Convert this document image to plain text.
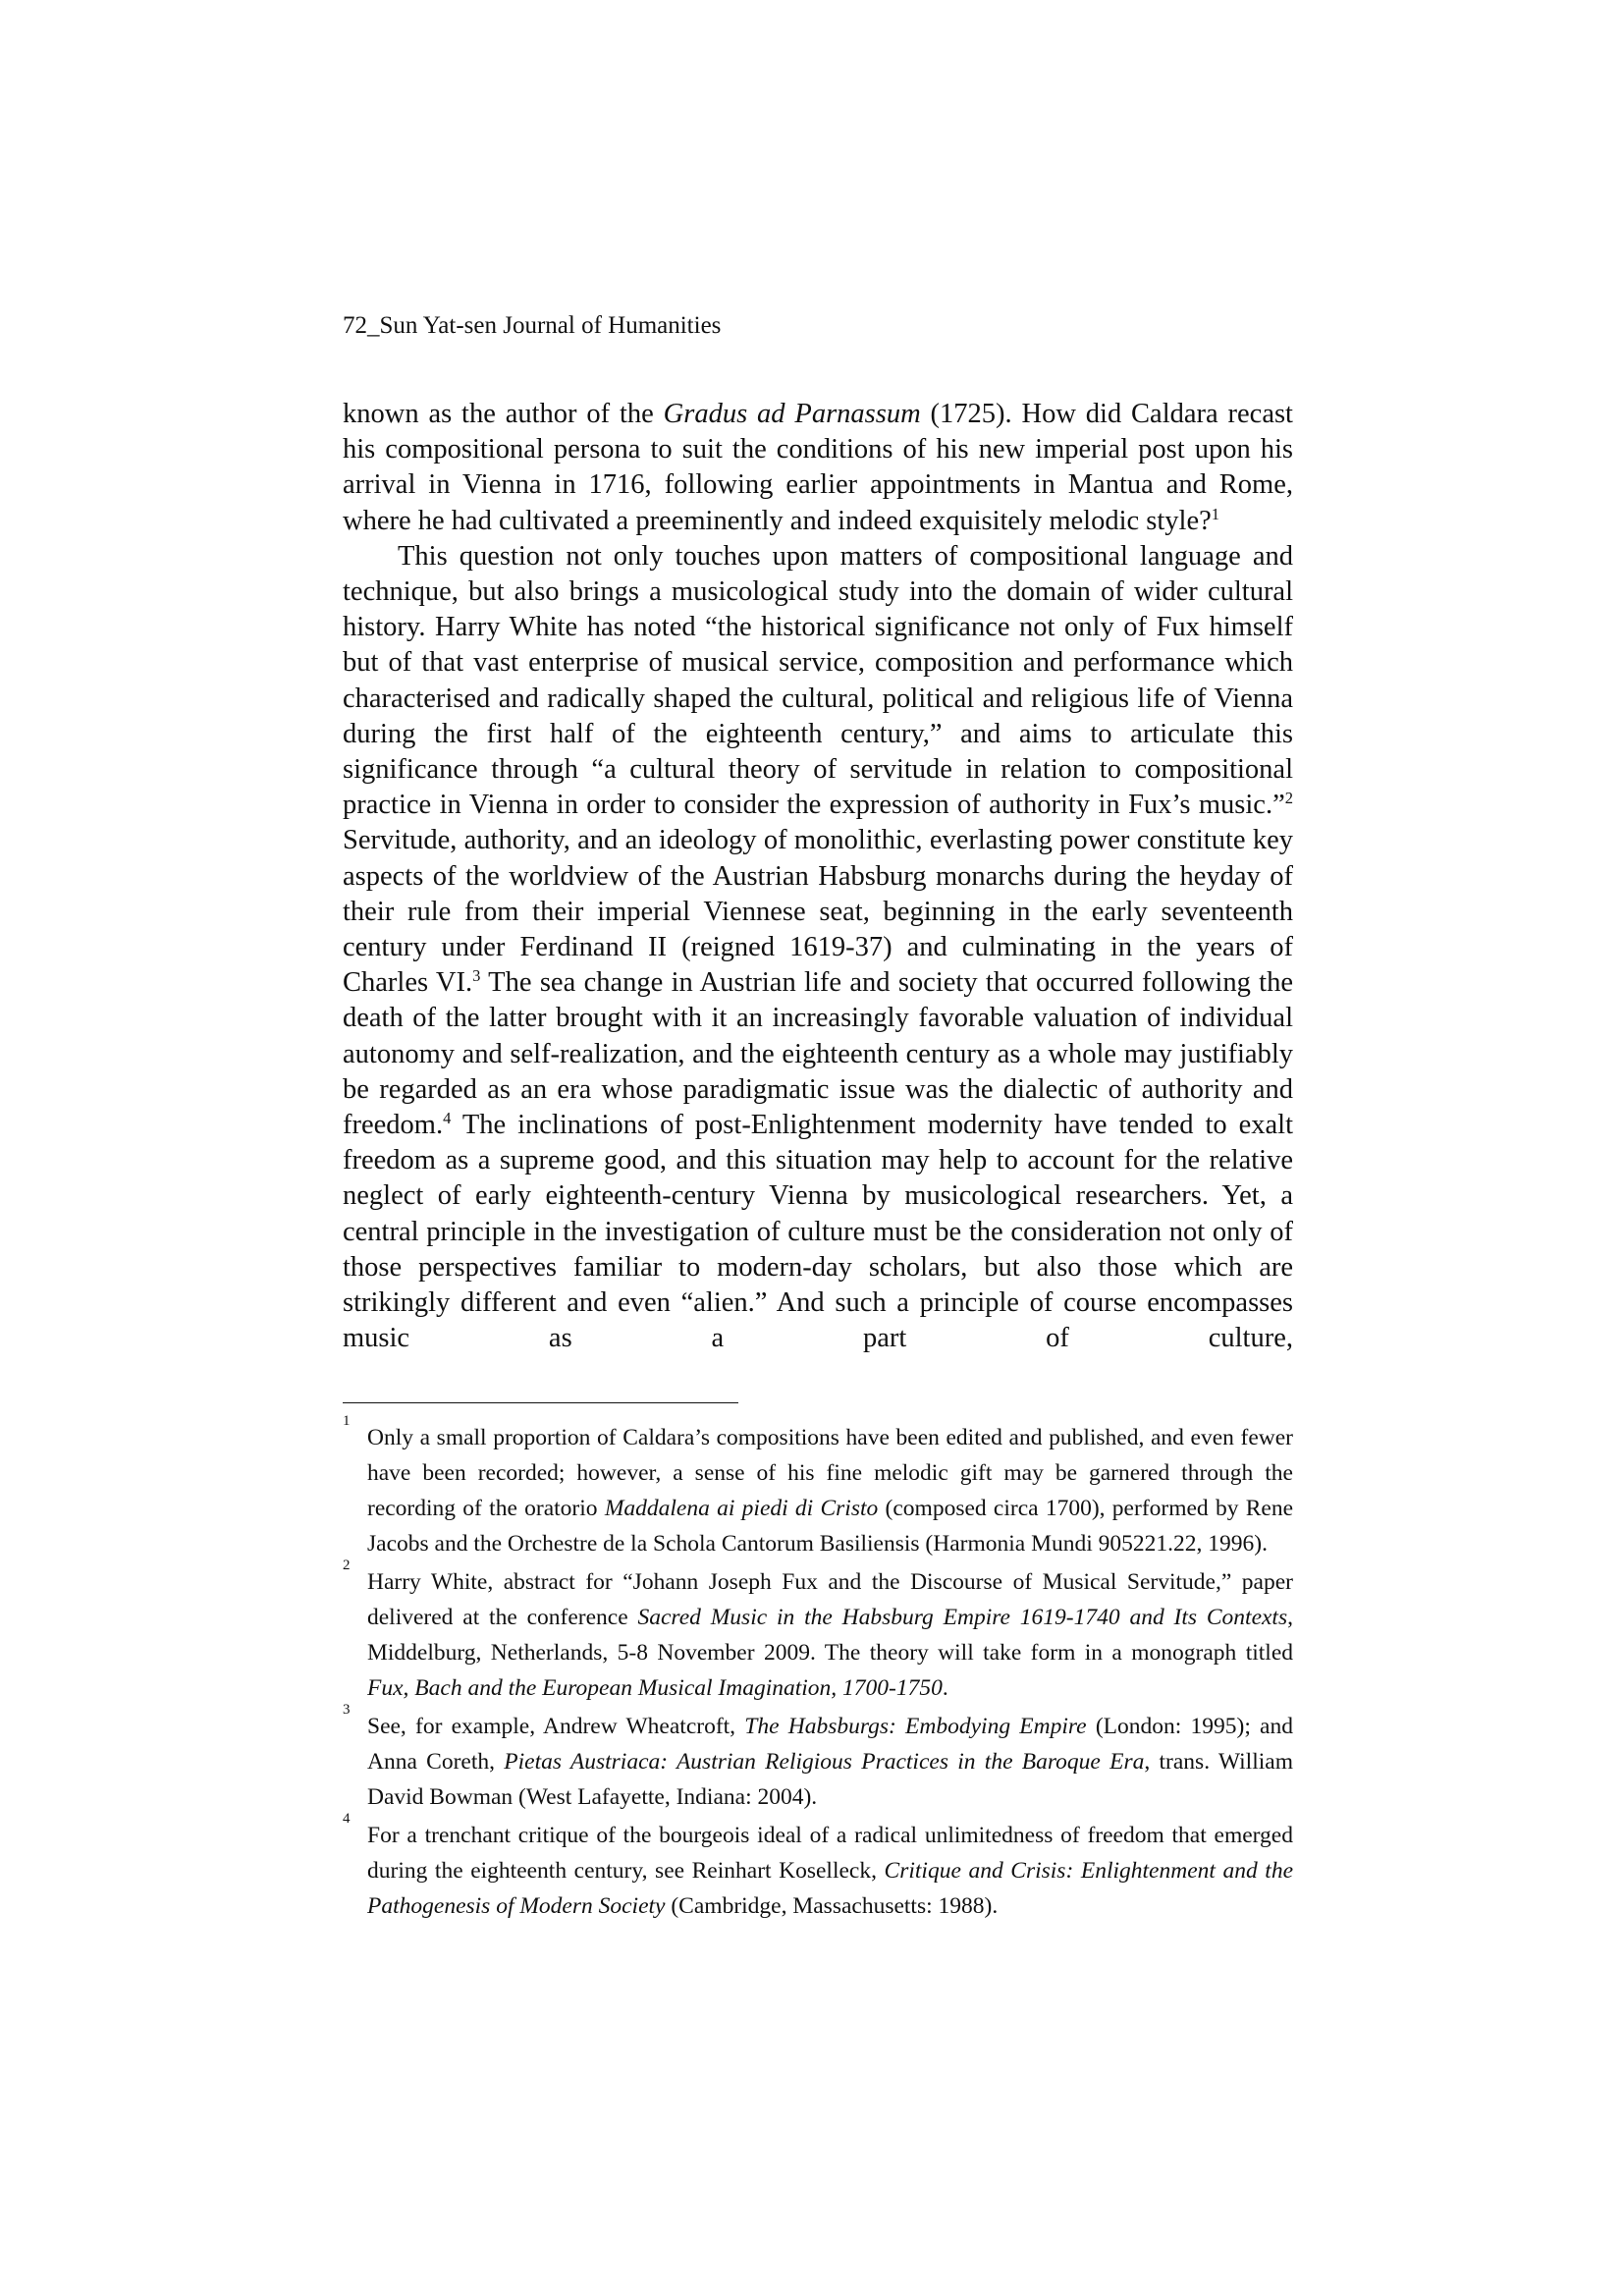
72_Sun Yat-sen Journal of Humanities

known as the author of the Gradus ad Parnassum (1725). How did Caldara recast his compositional persona to suit the conditions of his new imperial post upon his arrival in Vienna in 1716, following earlier appointments in Mantua and Rome, where he had cultivated a preeminently and indeed exquisitely melodic style?$^1$

This question not only touches upon matters of compositional language and technique, but also brings a musicological study into the domain of wider cultural history. Harry White has noted “the historical significance not only of Fux himself but of that vast enterprise of musical service, composition and performance which characterised and radically shaped the cultural, political and religious life of Vienna during the first half of the eighteenth century,” and aims to articulate this significance through “a cultural theory of servitude in relation to compositional practice in Vienna in order to consider the expression of authority in Fux’s music.”$^2$ Servitude, authority, and an ideology of monolithic, everlasting power constitute key aspects of the worldview of the Austrian Habsburg monarchs during the heyday of their rule from their imperial Viennese seat, beginning in the early seventeenth century under Ferdinand II (reigned 1619-37) and culminating in the years of Charles VI.$^3$ The sea change in Austrian life and society that occurred following the death of the latter brought with it an increasingly favorable valuation of individual autonomy and self-realization, and the eighteenth century as a whole may justifiably be regarded as an era whose paradigmatic issue was the dialectic of authority and freedom.$^4$ The inclinations of post-Enlightenment modernity have tended to exalt freedom as a supreme good, and this situation may help to account for the relative neglect of early eighteenth-century Vienna by musicological researchers. Yet, a central principle in the investigation of culture must be the consideration not only of those perspectives familiar to modern-day scholars, but also those which are strikingly different and even “alien.” And such a principle of course encompasses music as a part of culture,

1
Only a small proportion of Caldara’s compositions have been edited and published, and even fewer have been recorded; however, a sense of his fine melodic gift may be garnered through the recording of the oratorio Maddalena ai piedi di Cristo (composed circa 1700), performed by Rene Jacobs and the Orchestre de la Schola Cantorum Basiliensis (Harmonia Mundi 905221.22, 1996).
2
Harry White, abstract for “Johann Joseph Fux and the Discourse of Musical Servitude,” paper delivered at the conference Sacred Music in the Habsburg Empire 1619-1740 and Its Contexts, Middelburg, Netherlands, 5-8 November 2009. The theory will take form in a monograph titled Fux, Bach and the European Musical Imagination, 1700-1750.
3
See, for example, Andrew Wheatcroft, The Habsburgs: Embodying Empire (London: 1995); and Anna Coreth, Pietas Austriaca: Austrian Religious Practices in the Baroque Era, trans. William David Bowman (West Lafayette, Indiana: 2004).
4
For a trenchant critique of the bourgeois ideal of a radical unlimitedness of freedom that emerged during the eighteenth century, see Reinhart Koselleck, Critique and Crisis: Enlightenment and the Pathogenesis of Modern Society (Cambridge, Massachusetts: 1988).
